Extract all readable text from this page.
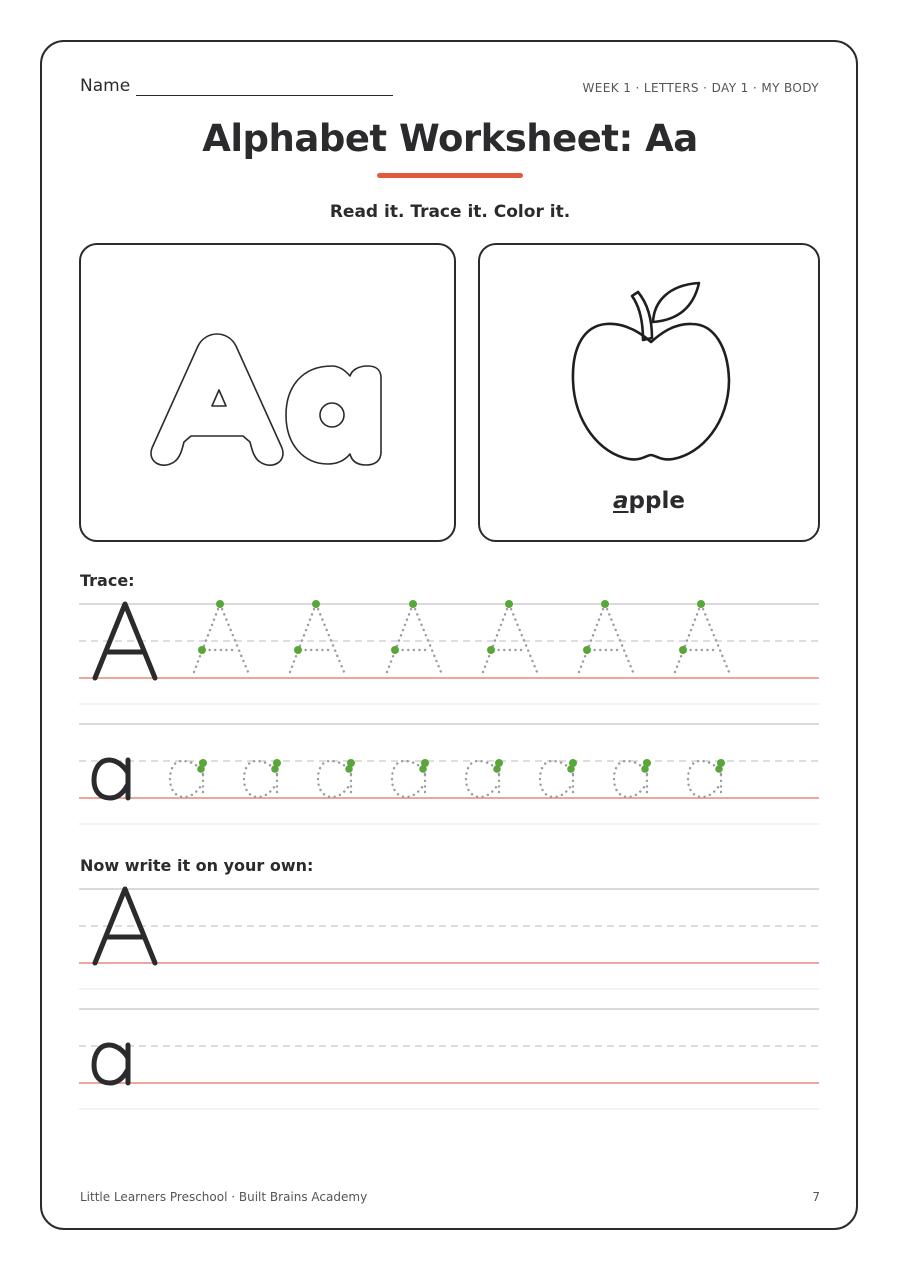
Name	WEEK 1 · LETTERS · DAY 1 · MY BODY
Alphabet Worksheet: Aa
Read it. Trace it. Color it.
apple
Trace:
Now write it on your own:
Little Learners Preschool · Built Brains Academy	7
